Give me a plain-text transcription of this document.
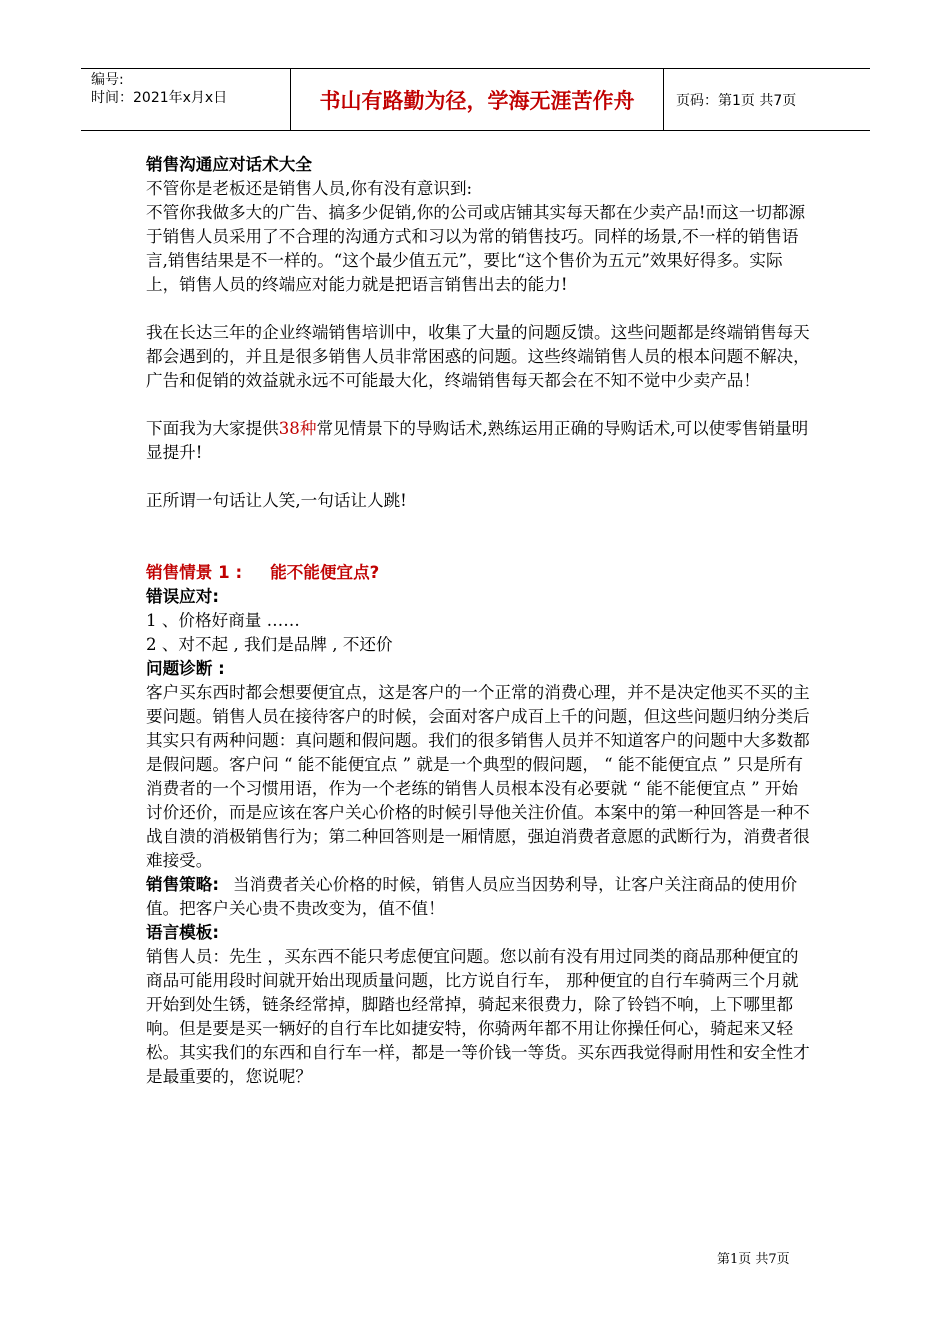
编号:
时间：2021年x月x日	书山有路勤为径，学海无涯苦作舟	页码：第1页 共7页

销售沟通应对话术大全

不管你是老板还是销售人员,你有没有意识到:

不管你我做多大的广告、搞多少促销,你的公司或店铺其实每天都在少卖产品!而这一切都源于销售人员采用了不合理的沟通方式和习以为常的销售技巧。同样的场景,不一样的销售语言,销售结果是不一样的。“这个最少值五元”，要比“这个售价为五元”效果好得多。实际上，销售人员的终端应对能力就是把语言销售出去的能力!

我在长达三年的企业终端销售培训中，收集了大量的问题反馈。这些问题都是终端销售每天都会遇到的，并且是很多销售人员非常困惑的问题。这些终端销售人员的根本问题不解决，广告和促销的效益就永远不可能最大化，终端销售每天都会在不知不觉中少卖产品！

下面我为大家提供38种常见情景下的导购话术,熟练运用正确的导购话术,可以使零售销量明显提升!

正所谓一句话让人笑,一句话让人跳!

销售情景 1 : 能不能便宜点?

错误应对:

1 、价格好商量 ……

2 、对不起 , 我们是品牌 , 不还价

问题诊断 :

客户买东西时都会想要便宜点，这是客户的一个正常的消费心理，并不是决定他买不买的主要问题。销售人员在接待客户的时候，会面对客户成百上千的问题，但这些问题归纳分类后其实只有两种问题：真问题和假问题。我们的很多销售人员并不知道客户的问题中大多数都是假问题。客户问 “ 能不能便宜点 ” 就是一个典型的假问题， “ 能不能便宜点 ” 只是所有消费者的一个习惯用语，作为一个老练的销售人员根本没有必要就 “ 能不能便宜点 ” 开始讨价还价，而是应该在客户关心价格的时候引导他关注价值。本案中的第一种回答是一种不战自溃的消极销售行为；第二种回答则是一厢情愿，强迫消费者意愿的武断行为，消费者很难接受。

销售策略: 当消费者关心价格的时候，销售人员应当因势利导，让客户关注商品的使用价值。把客户关心贵不贵改变为，值不值！

语言模板:

销售人员：先生 ，买东西不能只考虑便宜问题。您以前有没有用过同类的商品那种便宜的商品可能用段时间就开始出现质量问题，比方说自行车， 那种便宜的自行车骑两三个月就开始到处生锈，链条经常掉，脚踏也经常掉，骑起来很费力，除了铃铛不响，上下哪里都响。但是要是买一辆好的自行车比如捷安特，你骑两年都不用让你操任何心，骑起来又轻松。其实我们的东西和自行车一样，都是一等价钱一等货。买东西我觉得耐用性和安全性才是最重要的，您说呢？

第1页 共7页
